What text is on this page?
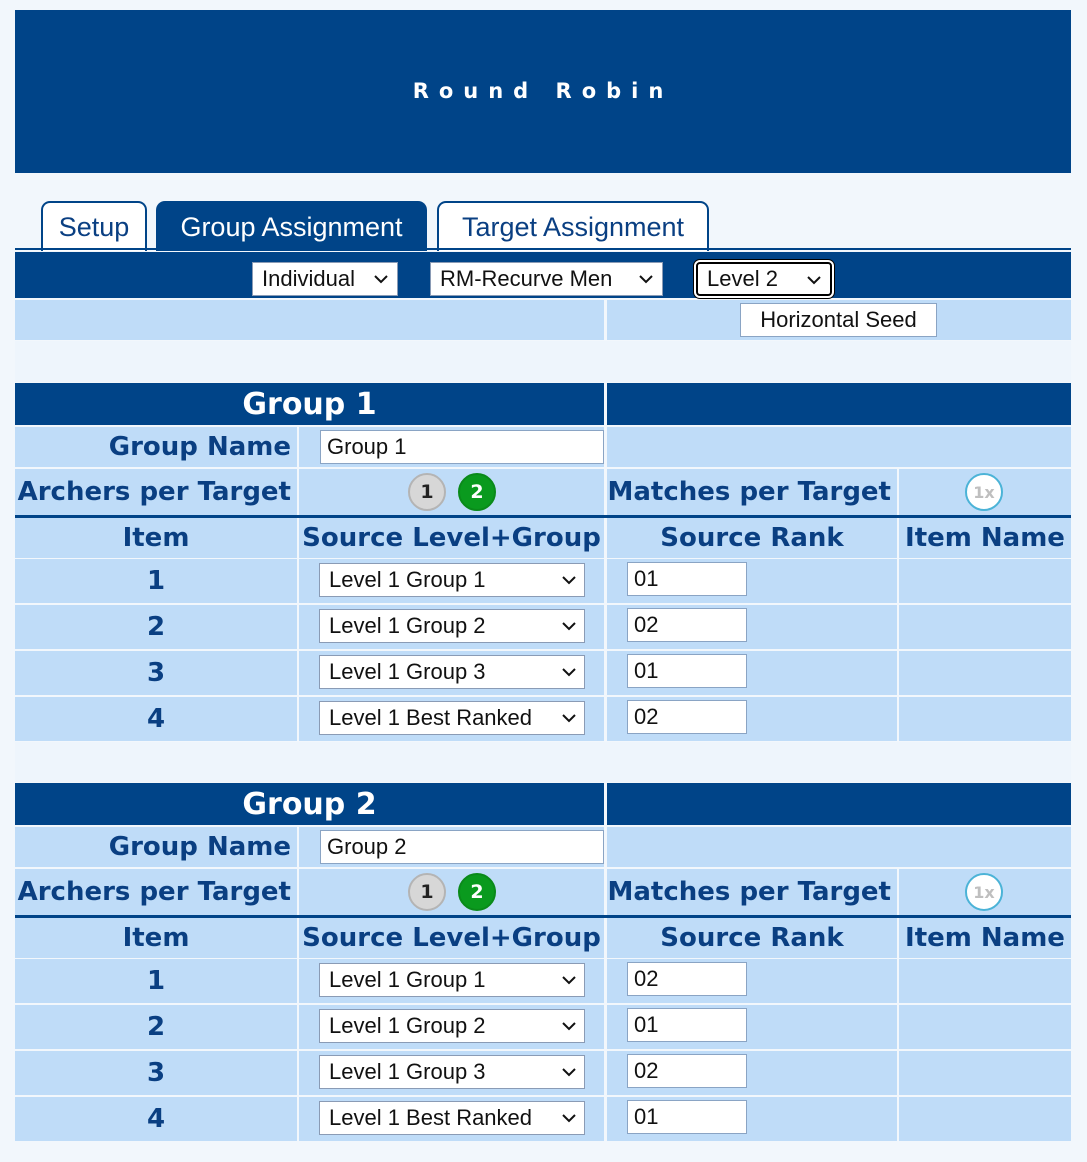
Round Robin
Setup	Group Assignment	Target Assignment
Individual	RM-Recurve Men	Level 2
Horizontal Seed
Group 1
Group Name	Group 1
Archers per Target	1	2	Matches per Target	1x
Item	Source Level+Group	Source Rank	Item Name
1	Level 1 Group 1	01
2	Level 1 Group 2	02
3	Level 1 Group 3	01
4	Level 1 Best Ranked	02
Group 2
Group Name	Group 2
Archers per Target	1	2	Matches per Target	1x
Item	Source Level+Group	Source Rank	Item Name
1	Level 1 Group 1	02
2	Level 1 Group 2	01
3	Level 1 Group 3	02
4	Level 1 Best Ranked	01
